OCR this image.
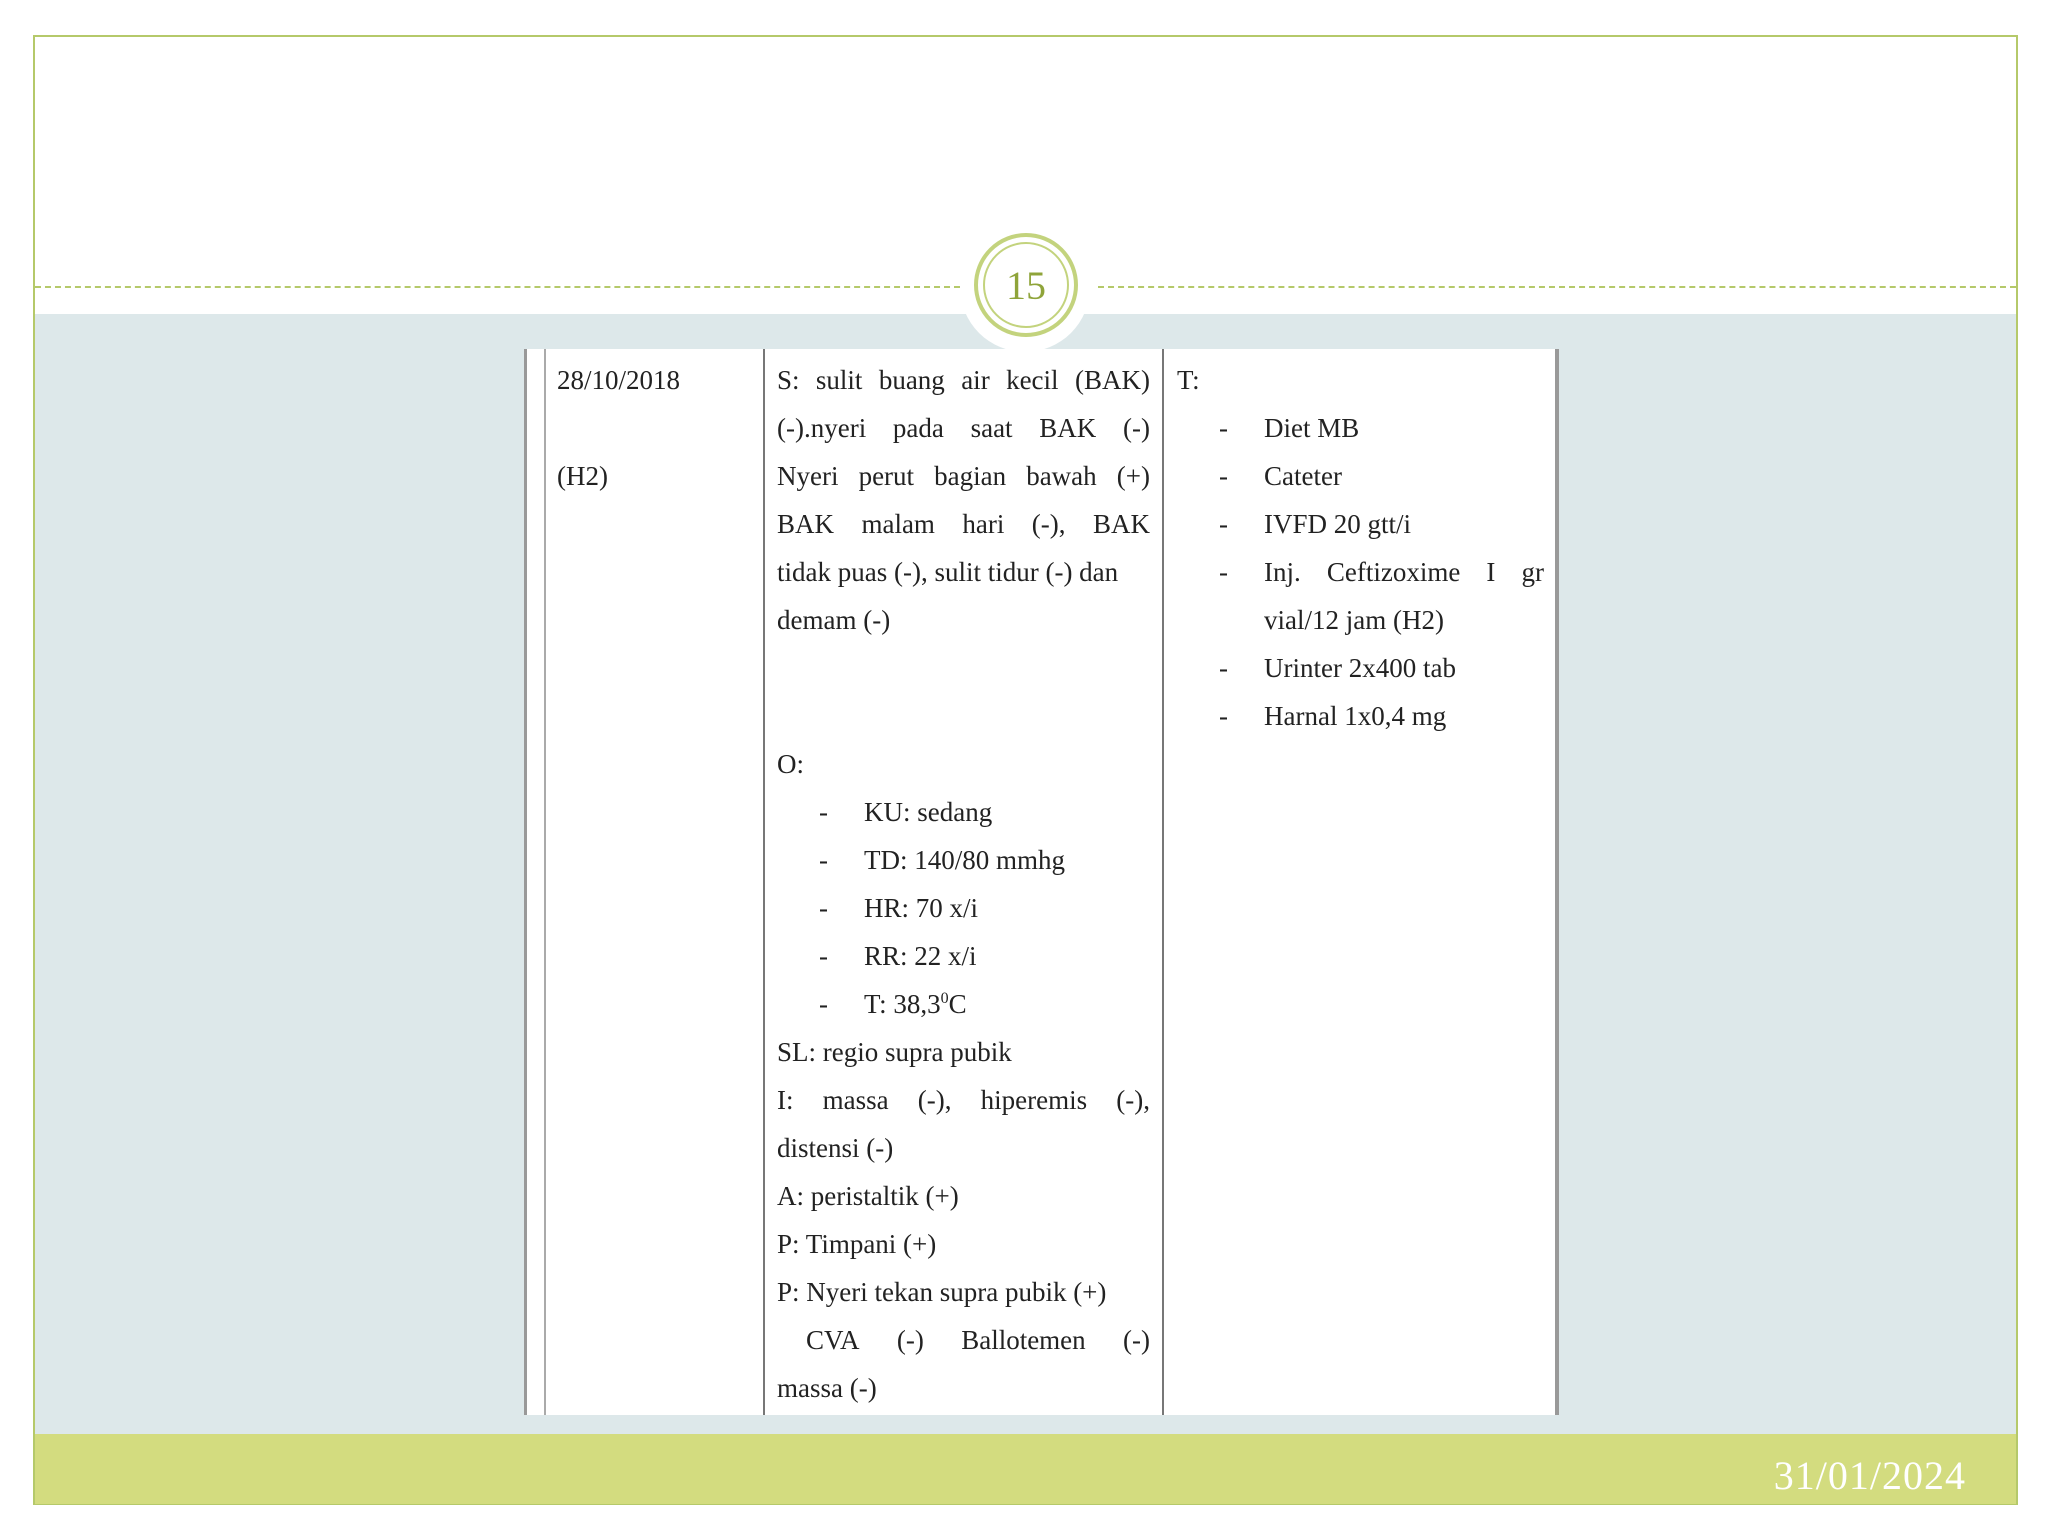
15
28/10/2018
(H2)
S: sulit buang air kecil (BAK)
(-).nyeri pada saat BAK (-)
Nyeri perut bagian bawah (+)
BAK malam hari (-), BAK
tidak puas (-), sulit tidur (-) dan
demam (-)
O:
- KU: sedang
- TD: 140/80 mmhg
- HR: 70 x/i
- RR: 22 x/i
- T: 38,3$^0$C
SL: regio supra pubik
I: massa (-), hiperemis (-),
distensi (-)
A: peristaltik (+)
P: Timpani (+)
P: Nyeri tekan supra pubik (+)
CVA (-) Ballotemen (-)
massa (-)
T:
- Diet MB
- Cateter
- IVFD 20 gtt/i
- Inj. Ceftizoxime I gr
vial/12 jam (H2)
- Urinter 2x400 tab
- Harnal 1x0,4 mg
31/01/2024
